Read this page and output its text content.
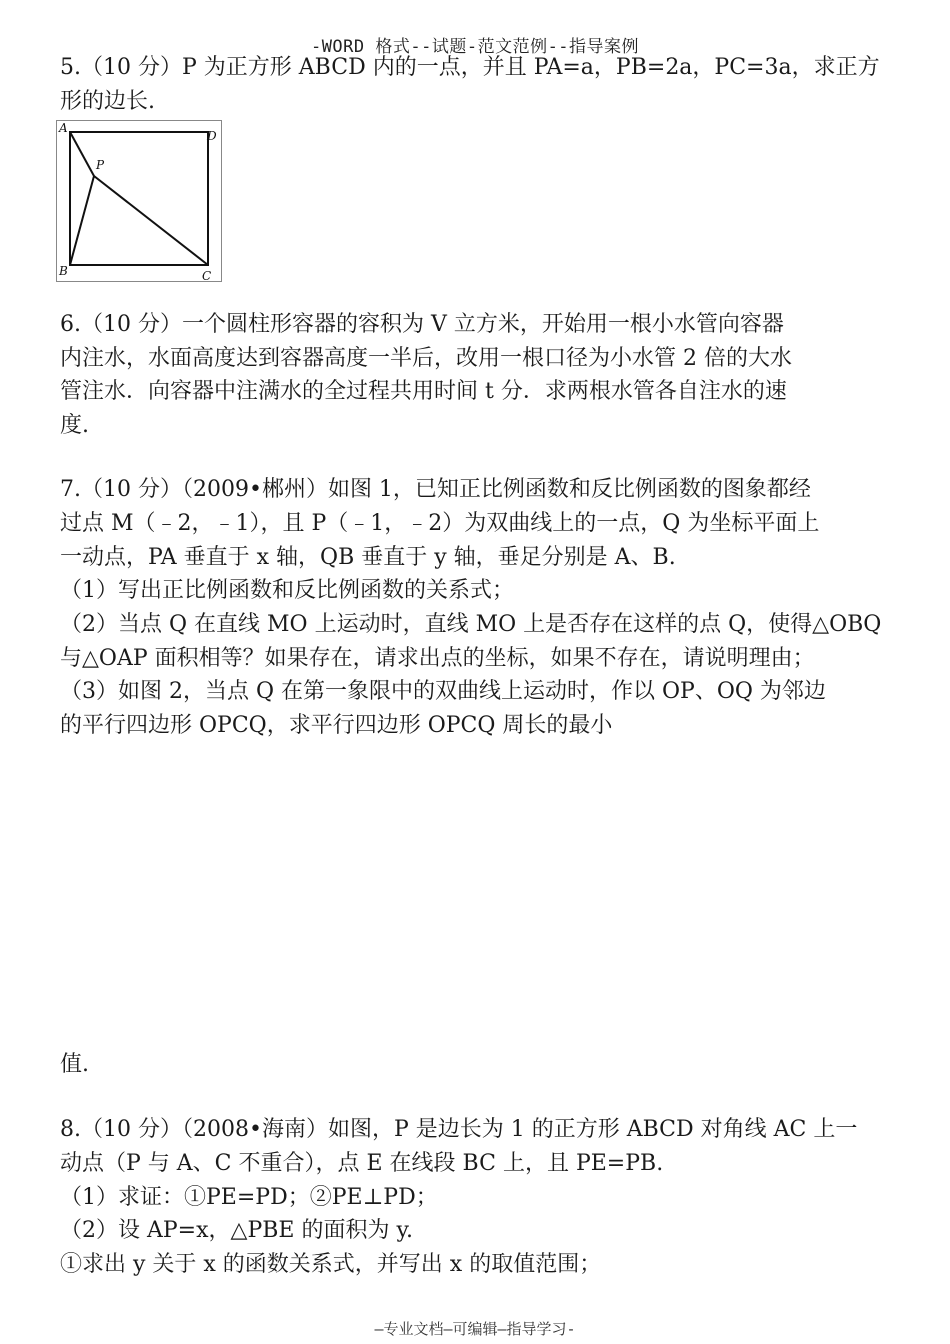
-WORD 格式--试题-范文范例--指导案例
5.（10 分）P 为正方形 ABCD 内的一点，并且 PA=a，PB=2a，PC=3a，求正方
形的边长.
A
D
P
B	C
6.（10 分）一个圆柱形容器的容积为 V 立方米，开始用一根小水管向容器
内注水，水面高度达到容器高度一半后，改用一根口径为小水管 2 倍的大水
管注水．向容器中注满水的全过程共用时间 t 分．求两根水管各自注水的速
度.
7.（10 分）（2009•郴州）如图 1，已知正比例函数和反比例函数的图象都经
过点 M（﹣2，﹣1），且 P（﹣1，﹣2）为双曲线上的一点，Q 为坐标平面上
一动点，PA 垂直于 x 轴，QB 垂直于 y 轴，垂足分别是 A、B.
（1）写出正比例函数和反比例函数的关系式；
（2）当点 Q 在直线 MO 上运动时，直线 MO 上是否存在这样的点 Q，使得△OBQ
与△OAP 面积相等？如果存在，请求出点的坐标，如果不存在，请说明理由；
（3）如图 2，当点 Q 在第一象限中的双曲线上运动时，作以 OP、OQ 为邻边
的平行四边形 OPCQ，求平行四边形 OPCQ 周长的最小
值.
8.（10 分）（2008•海南）如图，P 是边长为 1 的正方形 ABCD 对角线 AC 上一
动点（P 与 A、C 不重合），点 E 在线段 BC 上，且 PE=PB.
（1）求证：①PE=PD；②PE⊥PD；
（2）设 AP=x，△PBE 的面积为 y.
①求出 y 关于 x 的函数关系式，并写出 x 的取值范围；
—专业文档—可编辑—指导学习-
